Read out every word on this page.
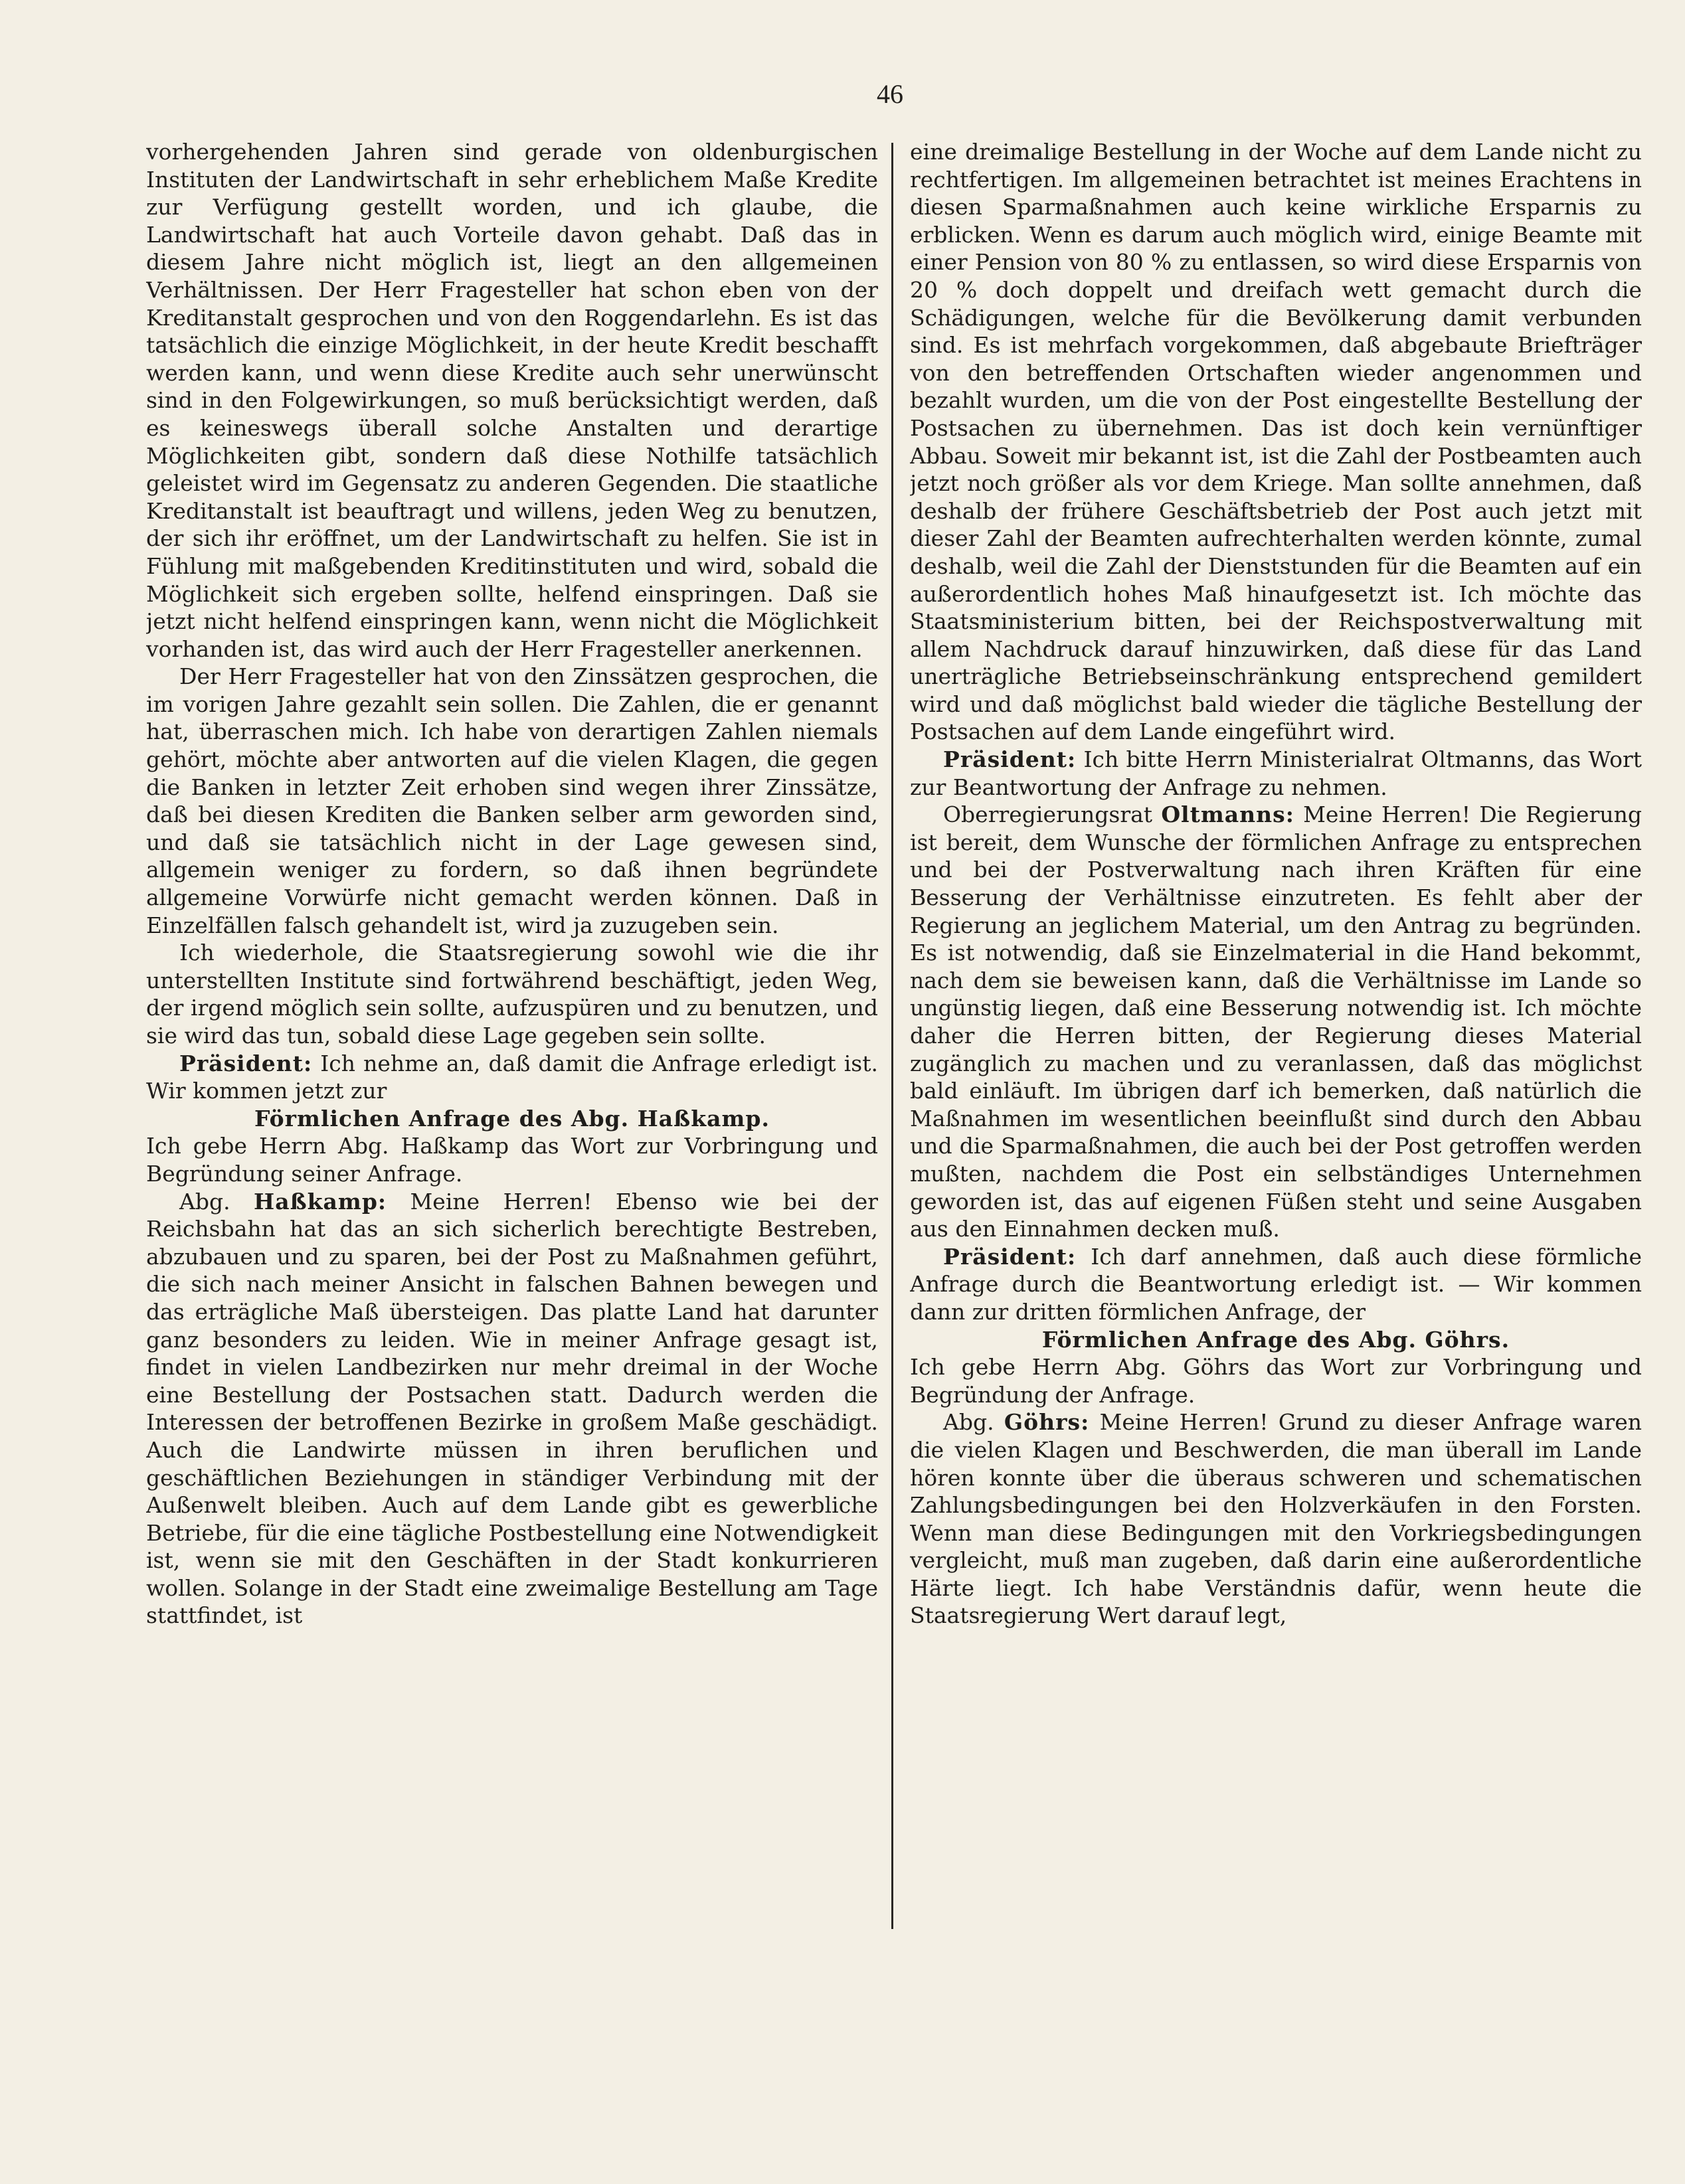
46

vorhergehenden Jahren sind gerade von oldenburgischen Instituten der Landwirtschaft in sehr erheblichem Maße Kredite zur Verfügung gestellt worden, und ich glaube, die Landwirtschaft hat auch Vorteile davon gehabt. Daß das in diesem Jahre nicht möglich ist, liegt an den allgemeinen Verhältnissen. Der Herr Fragesteller hat schon eben von der Kreditanstalt gesprochen und von den Roggendarlehn. Es ist das tatsächlich die einzige Möglichkeit, in der heute Kredit beschafft werden kann, und wenn diese Kredite auch sehr unerwünscht sind in den Folgewirkungen, so muß berücksichtigt werden, daß es keineswegs überall solche Anstalten und derartige Möglichkeiten gibt, sondern daß diese Nothilfe tatsächlich geleistet wird im Gegensatz zu anderen Gegenden. Die staatliche Kreditanstalt ist beauftragt und willens, jeden Weg zu benutzen, der sich ihr eröffnet, um der Landwirtschaft zu helfen. Sie ist in Fühlung mit maßgebenden Kreditinstituten und wird, sobald die Möglichkeit sich ergeben sollte, helfend einspringen. Daß sie jetzt nicht helfend einspringen kann, wenn nicht die Möglichkeit vorhanden ist, das wird auch der Herr Fragesteller anerkennen.

Der Herr Fragesteller hat von den Zinssätzen gesprochen, die im vorigen Jahre gezahlt sein sollen. Die Zahlen, die er genannt hat, überraschen mich. Ich habe von derartigen Zahlen niemals gehört, möchte aber antworten auf die vielen Klagen, die gegen die Banken in letzter Zeit erhoben sind wegen ihrer Zinssätze, daß bei diesen Krediten die Banken selber arm geworden sind, und daß sie tatsächlich nicht in der Lage gewesen sind, allgemein weniger zu fordern, so daß ihnen begründete allgemeine Vorwürfe nicht gemacht werden können. Daß in Einzelfällen falsch gehandelt ist, wird ja zuzugeben sein.

Ich wiederhole, die Staatsregierung sowohl wie die ihr unterstellten Institute sind fortwährend beschäftigt, jeden Weg, der irgend möglich sein sollte, aufzuspüren und zu benutzen, und sie wird das tun, sobald diese Lage gegeben sein sollte.

Präsident: Ich nehme an, daß damit die Anfrage erledigt ist. Wir kommen jetzt zur

Förmlichen Anfrage des Abg. Haßkamp.

Ich gebe Herrn Abg. Haßkamp das Wort zur Vorbringung und Begründung seiner Anfrage.

Abg. Haßkamp: Meine Herren! Ebenso wie bei der Reichsbahn hat das an sich sicherlich berechtigte Bestreben, abzubauen und zu sparen, bei der Post zu Maßnahmen geführt, die sich nach meiner Ansicht in falschen Bahnen bewegen und das erträgliche Maß übersteigen. Das platte Land hat darunter ganz besonders zu leiden. Wie in meiner Anfrage gesagt ist, findet in vielen Landbezirken nur mehr dreimal in der Woche eine Bestellung der Postsachen statt. Dadurch werden die Interessen der betroffenen Bezirke in großem Maße geschädigt. Auch die Landwirte müssen in ihren beruflichen und geschäftlichen Beziehungen in ständiger Verbindung mit der Außenwelt bleiben. Auch auf dem Lande gibt es gewerbliche Betriebe, für die eine tägliche Postbestellung eine Notwendigkeit ist, wenn sie mit den Geschäften in der Stadt konkurrieren wollen. Solange in der Stadt eine zweimalige Bestellung am Tage stattfindet, ist

eine dreimalige Bestellung in der Woche auf dem Lande nicht zu rechtfertigen. Im allgemeinen betrachtet ist meines Erachtens in diesen Sparmaßnahmen auch keine wirkliche Ersparnis zu erblicken. Wenn es darum auch möglich wird, einige Beamte mit einer Pension von 80 % zu entlassen, so wird diese Ersparnis von 20 % doch doppelt und dreifach wett gemacht durch die Schädigungen, welche für die Bevölkerung damit verbunden sind. Es ist mehrfach vorgekommen, daß abgebaute Briefträger von den betreffenden Ortschaften wieder angenommen und bezahlt wurden, um die von der Post eingestellte Bestellung der Postsachen zu übernehmen. Das ist doch kein vernünftiger Abbau. Soweit mir bekannt ist, ist die Zahl der Postbeamten auch jetzt noch größer als vor dem Kriege. Man sollte annehmen, daß deshalb der frühere Geschäftsbetrieb der Post auch jetzt mit dieser Zahl der Beamten aufrechterhalten werden könnte, zumal deshalb, weil die Zahl der Dienststunden für die Beamten auf ein außerordentlich hohes Maß hinaufgesetzt ist. Ich möchte das Staatsministerium bitten, bei der Reichspostverwaltung mit allem Nachdruck darauf hinzuwirken, daß diese für das Land unerträgliche Betriebseinschränkung entsprechend gemildert wird und daß möglichst bald wieder die tägliche Bestellung der Postsachen auf dem Lande eingeführt wird.

Präsident: Ich bitte Herrn Ministerialrat Oltmanns, das Wort zur Beantwortung der Anfrage zu nehmen.

Oberregierungsrat Oltmanns: Meine Herren! Die Regierung ist bereit, dem Wunsche der förmlichen Anfrage zu entsprechen und bei der Postverwaltung nach ihren Kräften für eine Besserung der Verhältnisse einzutreten. Es fehlt aber der Regierung an jeglichem Material, um den Antrag zu begründen. Es ist notwendig, daß sie Einzelmaterial in die Hand bekommt, nach dem sie beweisen kann, daß die Verhältnisse im Lande so ungünstig liegen, daß eine Besserung notwendig ist. Ich möchte daher die Herren bitten, der Regierung dieses Material zugänglich zu machen und zu veranlassen, daß das möglichst bald einläuft. Im übrigen darf ich bemerken, daß natürlich die Maßnahmen im wesentlichen beeinflußt sind durch den Abbau und die Sparmaßnahmen, die auch bei der Post getroffen werden mußten, nachdem die Post ein selbständiges Unternehmen geworden ist, das auf eigenen Füßen steht und seine Ausgaben aus den Einnahmen decken muß.

Präsident: Ich darf annehmen, daß auch diese förmliche Anfrage durch die Beantwortung erledigt ist. — Wir kommen dann zur dritten förmlichen Anfrage, der

Förmlichen Anfrage des Abg. Göhrs.

Ich gebe Herrn Abg. Göhrs das Wort zur Vorbringung und Begründung der Anfrage.

Abg. Göhrs: Meine Herren! Grund zu dieser Anfrage waren die vielen Klagen und Beschwerden, die man überall im Lande hören konnte über die überaus schweren und schematischen Zahlungsbedingungen bei den Holzverkäufen in den Forsten. Wenn man diese Bedingungen mit den Vorkriegsbedingungen vergleicht, muß man zugeben, daß darin eine außerordentliche Härte liegt. Ich habe Verständnis dafür, wenn heute die Staatsregierung Wert darauf legt,
